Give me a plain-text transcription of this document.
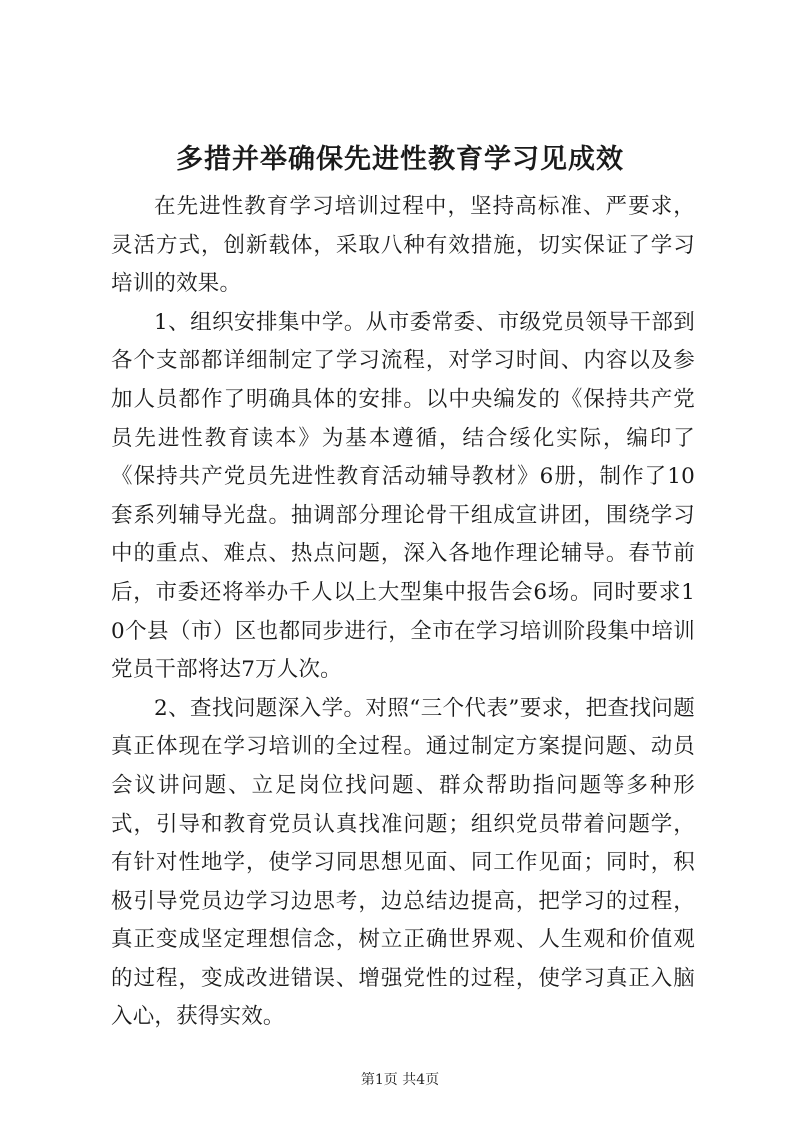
多措并举确保先进性教育学习见成效

在先进性教育学习培训过程中，坚持高标准、严要求，灵活方式，创新载体，采取八种有效措施，切实保证了学习培训的效果。

1、组织安排集中学。从市委常委、市级党员领导干部到各个支部都详细制定了学习流程，对学习时间、内容以及参加人员都作了明确具体的安排。以中央编发的《保持共产党员先进性教育读本》为基本遵循，结合绥化实际，编印了《保持共产党员先进性教育活动辅导教材》6册，制作了10套系列辅导光盘。抽调部分理论骨干组成宣讲团，围绕学习中的重点、难点、热点问题，深入各地作理论辅导。春节前后，市委还将举办千人以上大型集中报告会6场。同时要求10个县（市）区也都同步进行，全市在学习培训阶段集中培训党员干部将达7万人次。

2、查找问题深入学。对照“三个代表”要求，把查找问题真正体现在学习培训的全过程。通过制定方案提问题、动员会议讲问题、立足岗位找问题、群众帮助指问题等多种形式，引导和教育党员认真找准问题；组织党员带着问题学，有针对性地学，使学习同思想见面、同工作见面；同时，积极引导党员边学习边思考，边总结边提高，把学习的过程，真正变成坚定理想信念，树立正确世界观、人生观和价值观的过程，变成改进错误、增强党性的过程，使学习真正入脑入心，获得实效。

第1页 共4页
